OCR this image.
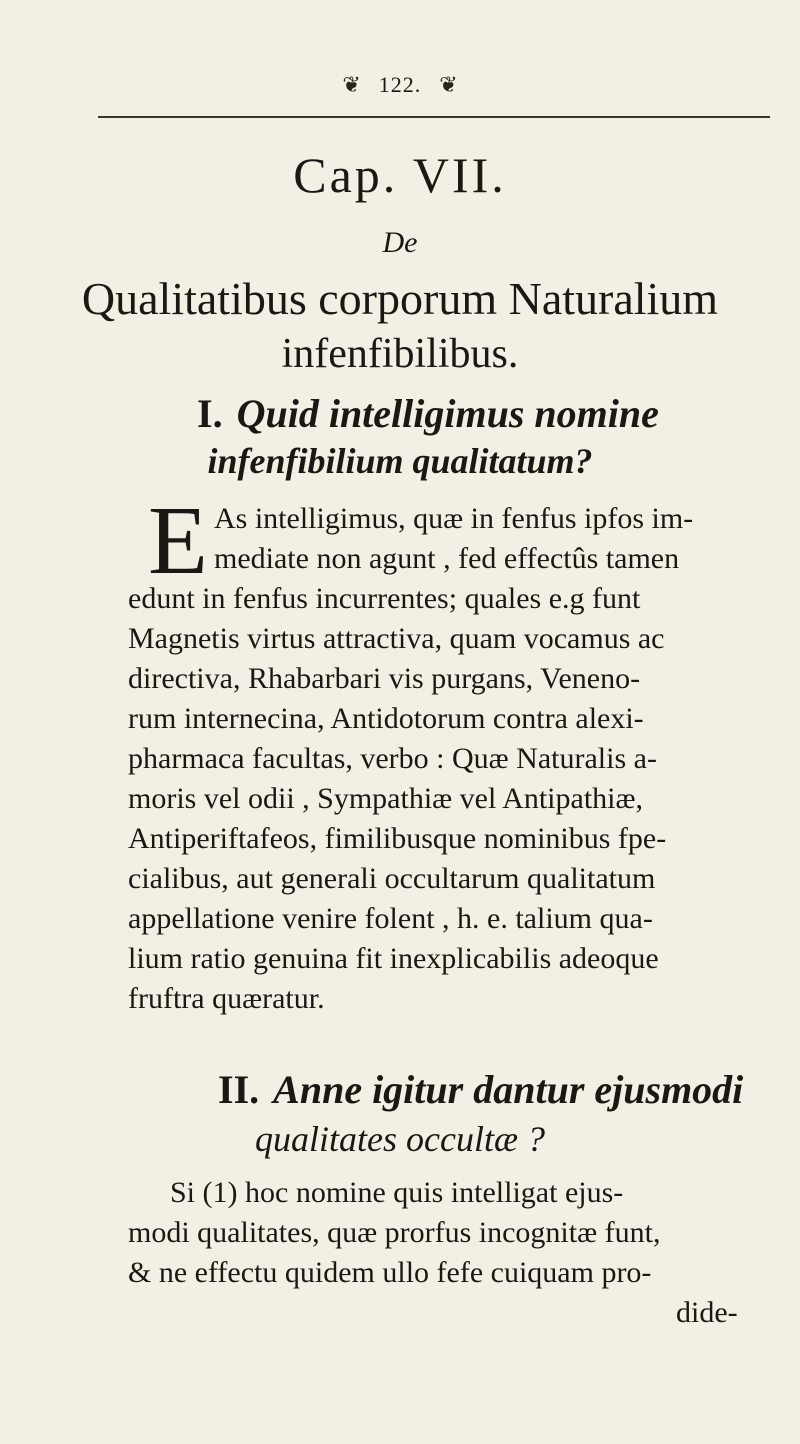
❦ 122. ❦
Cap. VII.
De
Qualitatibus corporum Naturalium
infenfibilibus.
I. Quid intelligimus nomine
infenfibilium qualitatum?
E As intelligimus, quæ in fenfus ipfos im-
mediate non agunt , fed effectûs tamen
edunt in fenfus incurrentes; quales e.g funt
Magnetis virtus attractiva, quam vocamus ac
directiva, Rhabarbari vis purgans, Veneno-
rum internecina, Antidotorum contra alexi-
pharmaca facultas, verbo : Quæ Naturalis a-
moris vel odii , Sympathiæ vel Antipathiæ,
Antiperiftafeos, fimilibusque nominibus fpe-
cialibus, aut generali occultarum qualitatum
appellatione venire folent , h. e. talium qua-
lium ratio genuina fit inexplicabilis adeoque
fruftra quæratur.
II. Anne igitur dantur ejusmodi
qualitates occultæ ?
Si (1) hoc nomine quis intelligat ejus-
modi qualitates, quæ prorfus incognitæ funt,
& ne effectu quidem ullo fefe cuiquam pro-
dide-
